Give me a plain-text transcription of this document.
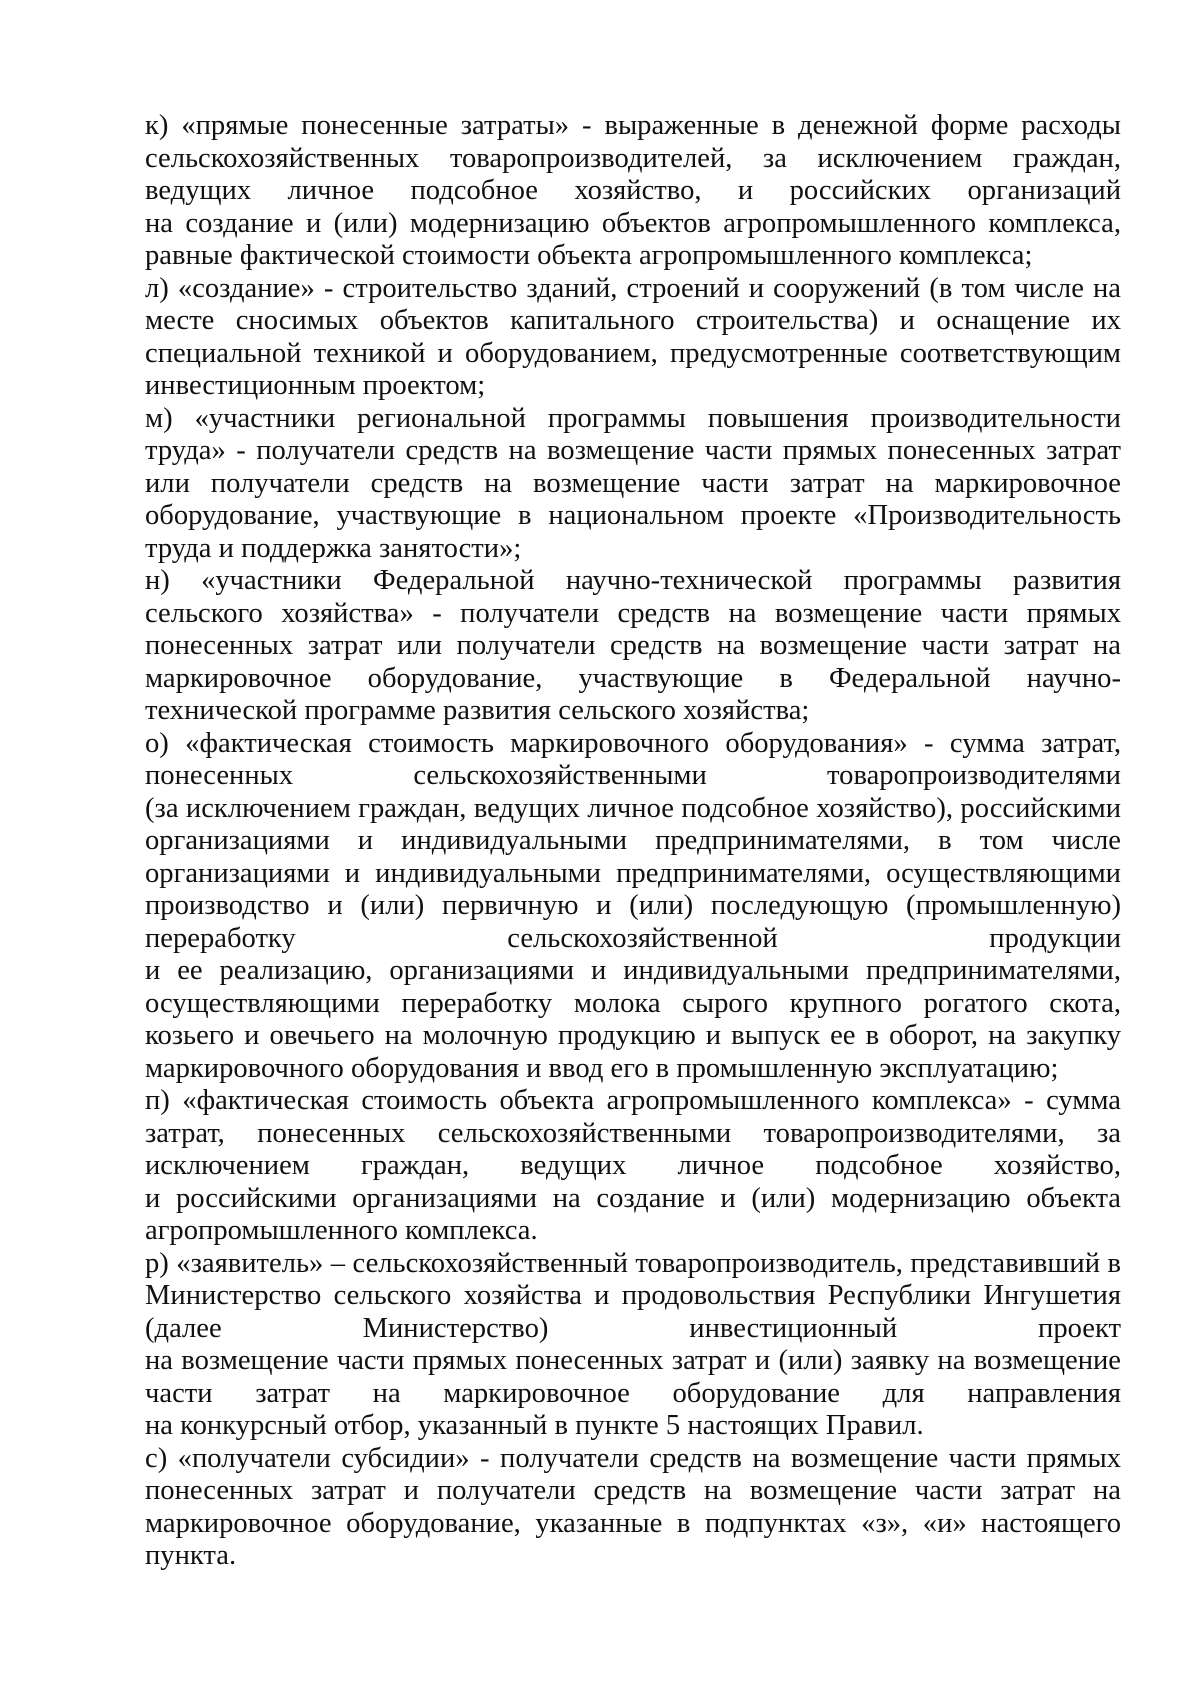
к) «прямые понесенные затраты» - выраженные в денежной форме расходы
сельскохозяйственных товаропроизводителей, за исключением граждан,
ведущих личное подсобное хозяйство, и российских организаций
на создание и (или) модернизацию объектов агропромышленного комплекса,
равные фактической стоимости объекта агропромышленного комплекса;
л) «создание» - строительство зданий, строений и сооружений (в том числе на
месте сносимых объектов капитального строительства) и оснащение их
специальной техникой и оборудованием, предусмотренные соответствующим
инвестиционным проектом;
м) «участники региональной программы повышения производительности
труда» - получатели средств на возмещение части прямых понесенных затрат
или получатели средств на возмещение части затрат на маркировочное
оборудование, участвующие в национальном проекте «Производительность
труда и поддержка занятости»;
н) «участники Федеральной научно-технической программы развития
сельского хозяйства» - получатели средств на возмещение части прямых
понесенных затрат или получатели средств на возмещение части затрат на
маркировочное оборудование, участвующие в Федеральной научно-
технической программе развития сельского хозяйства;
о) «фактическая стоимость маркировочного оборудования» - сумма затрат,
понесенных сельскохозяйственными товаропроизводителями
(за исключением граждан, ведущих личное подсобное хозяйство), российскими
организациями и индивидуальными предпринимателями, в том числе
организациями и индивидуальными предпринимателями, осуществляющими
производство и (или) первичную и (или) последующую (промышленную)
переработку сельскохозяйственной продукции
и ее реализацию, организациями и индивидуальными предпринимателями,
осуществляющими переработку молока сырого крупного рогатого скота,
козьего и овечьего на молочную продукцию и выпуск ее в оборот, на закупку
маркировочного оборудования и ввод его в промышленную эксплуатацию;
п) «фактическая стоимость объекта агропромышленного комплекса» - сумма
затрат, понесенных сельскохозяйственными товаропроизводителями, за
исключением граждан, ведущих личное подсобное хозяйство,
и российскими организациями на создание и (или) модернизацию объекта
агропромышленного комплекса.
р) «заявитель» – сельскохозяйственный товаропроизводитель, представивший в
Министерство сельского хозяйства и продовольствия Республики Ингушетия
(далее Министерство) инвестиционный проект
на возмещение части прямых понесенных затрат и (или) заявку на возмещение
части затрат на маркировочное оборудование для направления
на конкурсный отбор, указанный в пункте 5 настоящих Правил.
с) «получатели субсидии» - получатели средств на возмещение части прямых
понесенных затрат и получатели средств на возмещение части затрат на
маркировочное оборудование, указанные в подпунктах «з», «и» настоящего
пункта.
